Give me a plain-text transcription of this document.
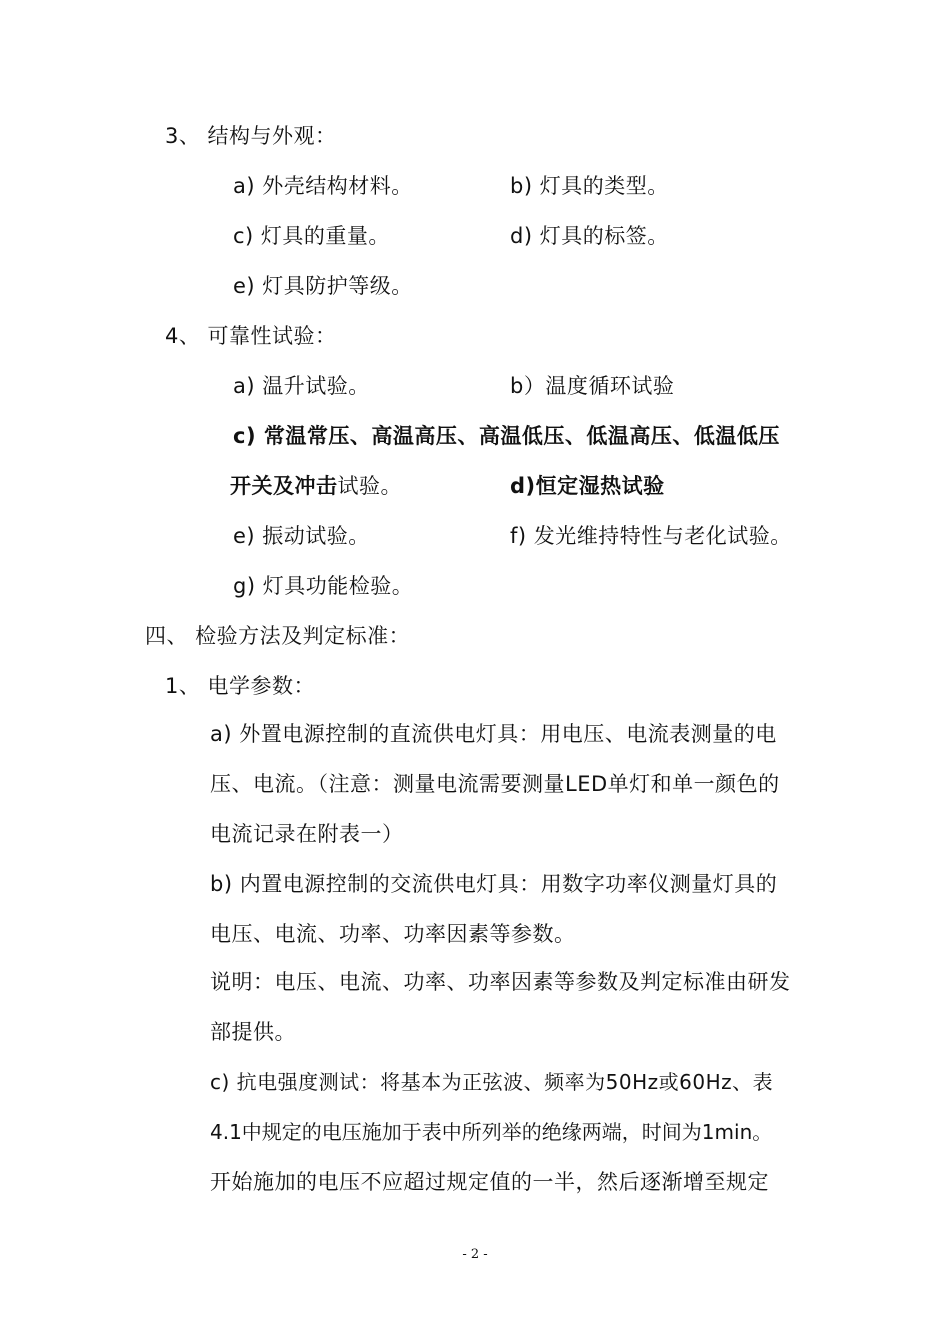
3、 结构与外观：
a) 外壳结构材料。	b) 灯具的类型。
c) 灯具的重量。	d) 灯具的标签。
e) 灯具防护等级。
4、 可靠性试验：
a) 温升试验。	b）温度循环试验
c) 常温常压、高温高压、高温低压、低温高压、低温低压
开关及冲击试验。	d)恒定湿热试验
e) 振动试验。	f) 发光维持特性与老化试验。
g) 灯具功能检验。
四、 检验方法及判定标准：
1、 电学参数：
a) 外置电源控制的直流供电灯具：用电压、电流表测量的电
压、电流。（注意：测量电流需要测量LED单灯和单一颜色的
电流记录在附表一）
b) 内置电源控制的交流供电灯具：用数字功率仪测量灯具的
电压、电流、功率、功率因素等参数。
说明：电压、电流、功率、功率因素等参数及判定标准由研发
部提供。
c) 抗电强度测试：将基本为正弦波、频率为50Hz或60Hz、表
4.1中规定的电压施加于表中所列举的绝缘两端，时间为1min。
开始施加的电压不应超过规定值的一半，然后逐渐增至规定
- 2 -
